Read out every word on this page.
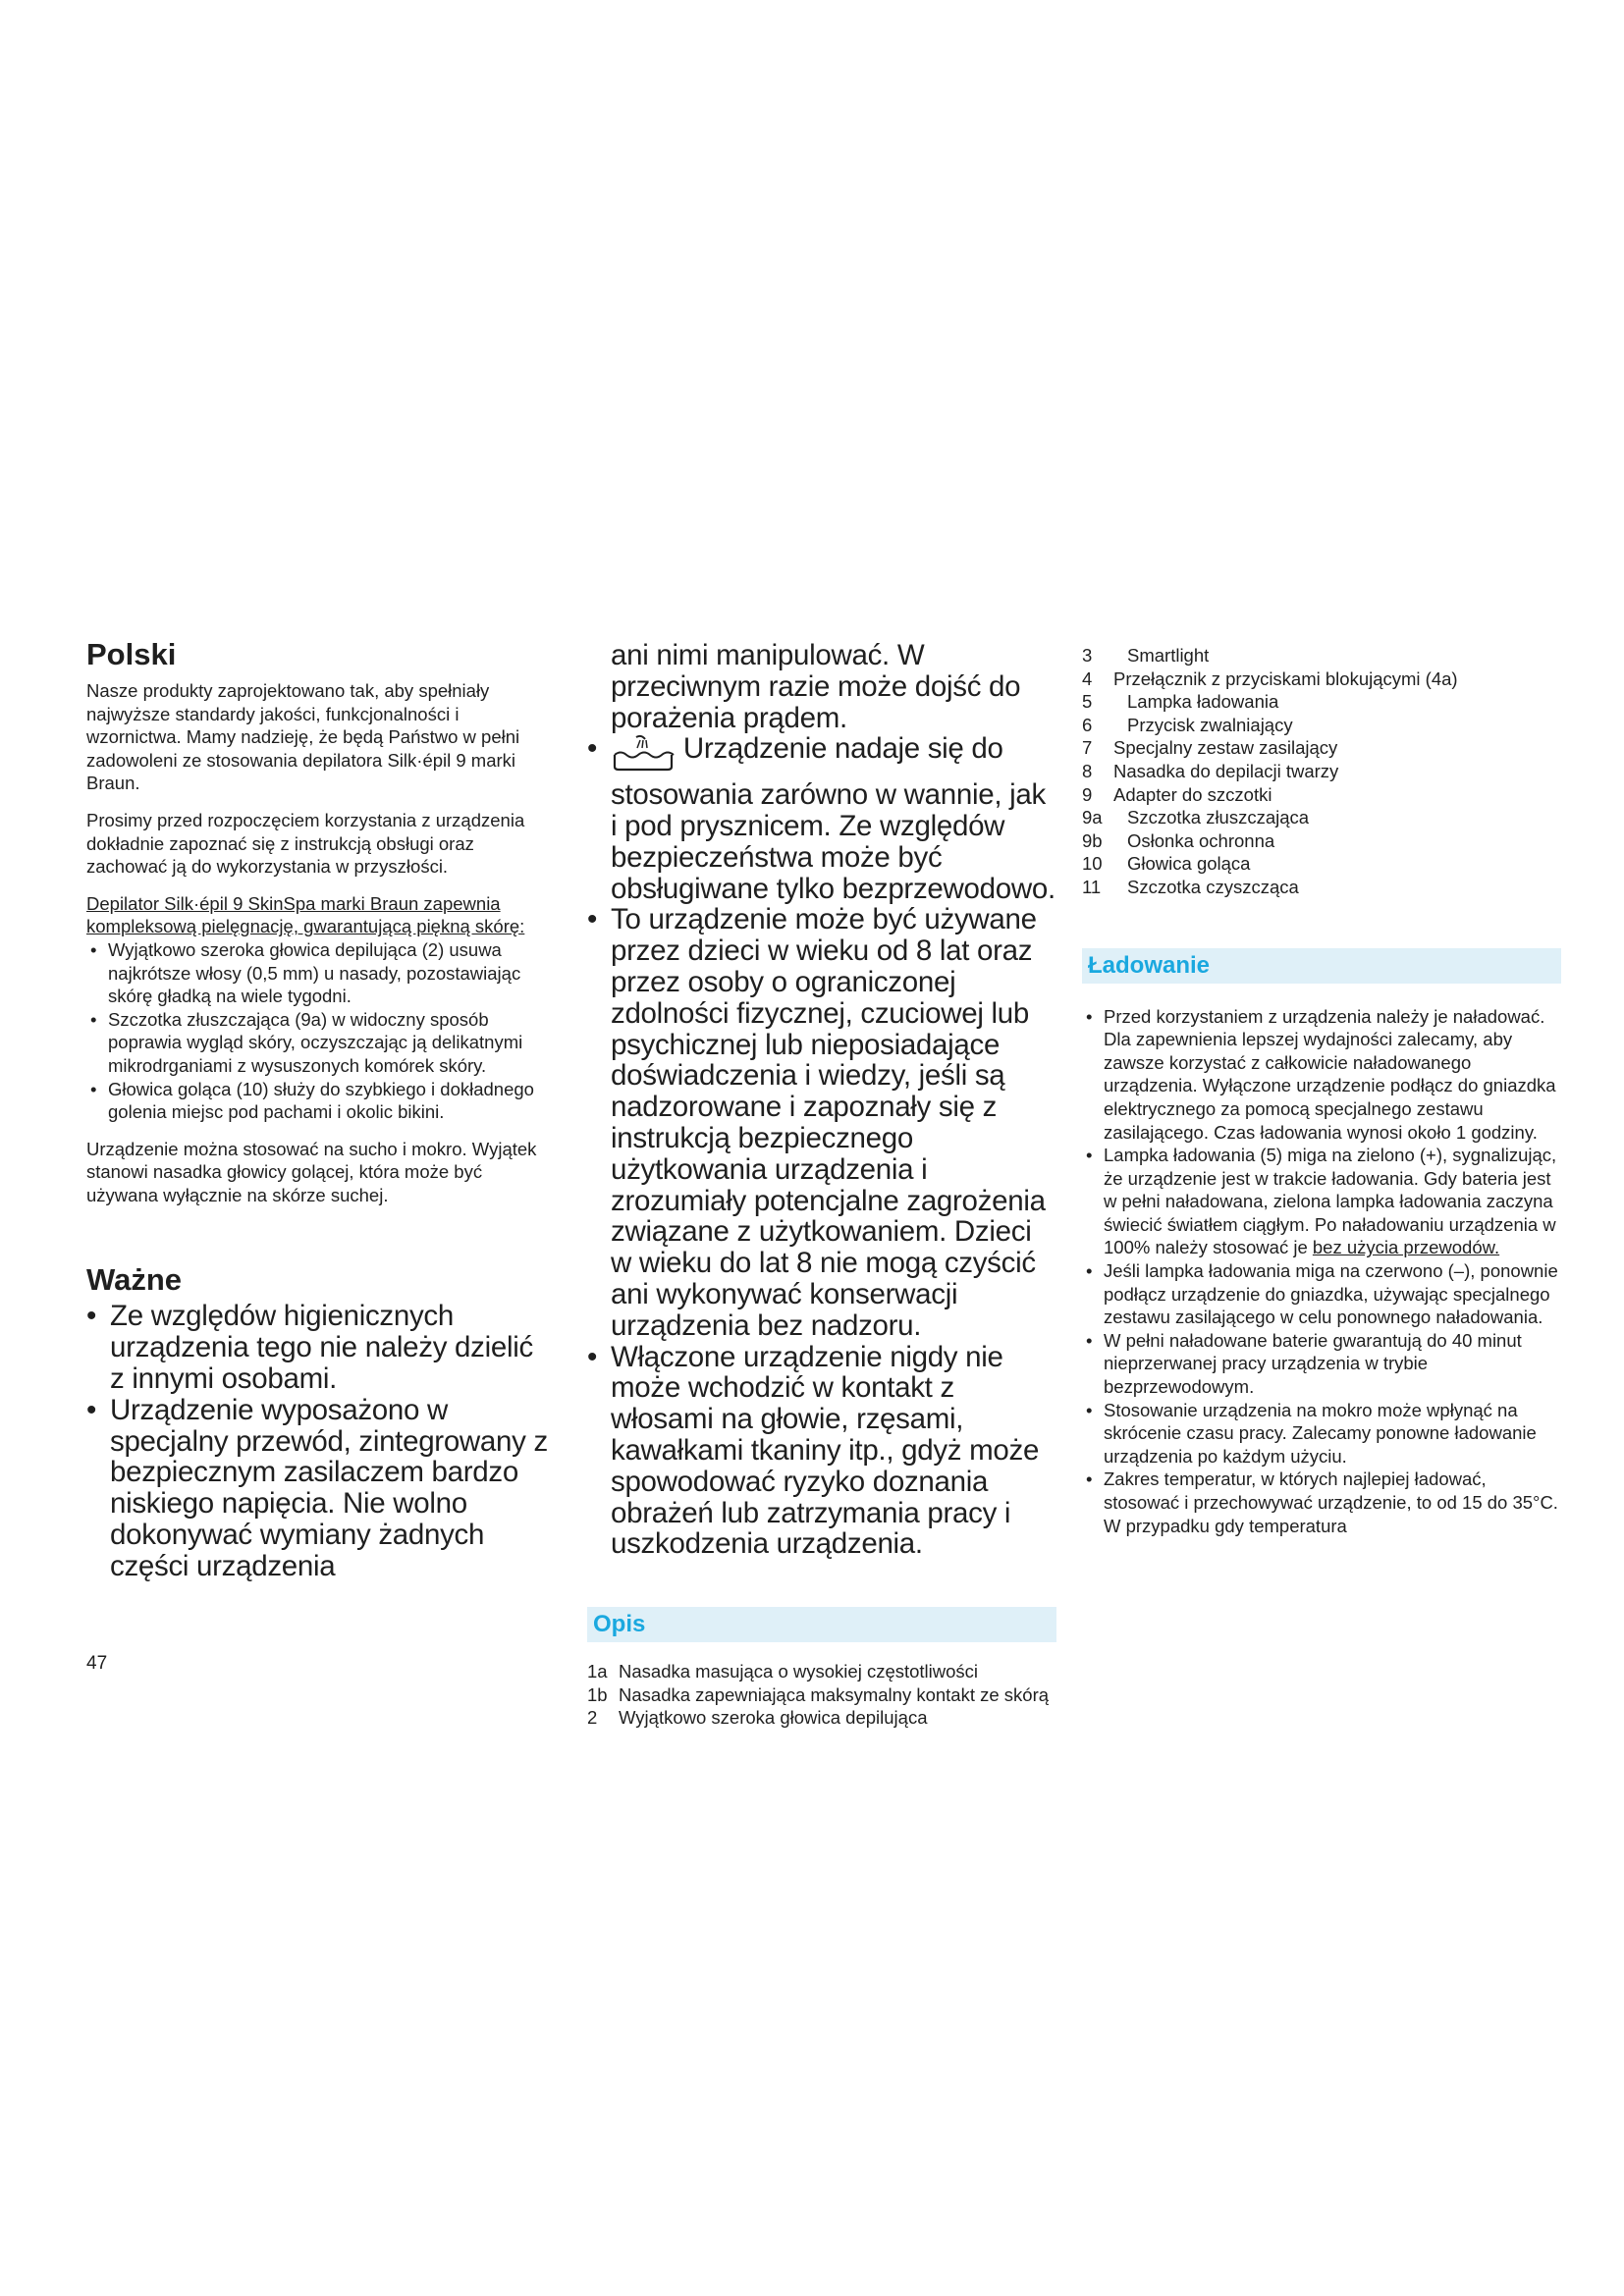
Polski

Nasze produkty zaprojektowano tak, aby spełniały najwyższe standardy jakości, funkcjonalności i wzornictwa. Mamy nadzieję, że będą Państwo w pełni zadowoleni ze stosowania depilatora Silk·épil 9 marki Braun.

Prosimy przed rozpoczęciem korzystania z urządzenia dokładnie zapoznać się z instrukcją obsługi oraz zachować ją do wykorzystania w przyszłości.

Depilator Silk·épil 9 SkinSpa marki Braun zapewnia kompleksową pielęgnację, gwarantującą piękną skórę:

• Wyjątkowo szeroka głowica depilująca (2) usuwa najkrótsze włosy (0,5 mm) u nasady, pozostawiając skórę gładką na wiele tygodni.
• Szczotka złuszczająca (9a) w widoczny sposób poprawia wygląd skóry, oczyszczając ją delikatnymi mikrodrganiami z wysuszonych komórek skóry.
• Głowica goląca (10) służy do szybkiego i dokładnego golenia miejsc pod pachami i okolic bikini.

Urządzenie można stosować na sucho i mokro. Wyjątek stanowi nasadka głowicy golącej, która może być używana wyłącznie na skórze suchej.

Ważne
• Ze względów higienicznych urządzenia tego nie należy dzielić z innymi osobami.
• Urządzenie wyposażono w specjalny przewód, zintegrowany z bezpiecznym zasilaczem bardzo niskiego napięcia. Nie wolno dokonywać wymiany żadnych części urządzenia

ani nimi manipulować. W przeciwnym razie może dojść do porażenia prądem.

• Urządzenie nadaje się do stosowania zarówno w wannie, jak i pod prysznicem. Ze względów bezpieczeństwa może być obsługiwane tylko bezprzewodowo.
• To urządzenie może być używane przez dzieci w wieku od 8 lat oraz przez osoby o ograniczonej zdolności fizycznej, czuciowej lub psychicznej lub nieposiadające doświadczenia i wiedzy, jeśli są nadzorowane i zapoznały się z instrukcją bezpiecznego użytkowania urządzenia i zrozumiały potencjalne zagrożenia związane z użytkowaniem. Dzieci w wieku do lat 8 nie mogą czyścić ani wykonywać konserwacji urządzenia bez nadzoru.
• Włączone urządzenie nigdy nie może wchodzić w kontakt z włosami na głowie, rzęsami, kawałkami tkaniny itp., gdyż może spowodować ryzyko doznania obrażeń lub zatrzymania pracy i uszkodzenia urządzenia.
Opis
1a Nasadka masująca o wysokiej częstotliwości
1b Nasadka zapewniająca maksymalny kontakt ze skórą
2	Wyjątkowo szeroka głowica depilująca
3	Smartlight
4	Przełącznik z przyciskami blokującymi (4a)
5	Lampka ładowania
6	Przycisk zwalniający
7	Specjalny zestaw zasilający
8	Nasadka do depilacji twarzy
9	Adapter do szczotki
9a	Szczotka złuszczająca
9b	Osłonka ochronna
10	Głowica goląca
11	Szczotka czyszcząca
Ładowanie
• Przed korzystaniem z urządzenia należy je naładować. Dla zapewnienia lepszej wydajności zalecamy, aby zawsze korzystać z całkowicie naładowanego urządzenia. Wyłączone urządzenie podłącz do gniazdka elektrycznego za pomocą specjalnego zestawu zasilającego. Czas ładowania wynosi około 1 godziny.
• Lampka ładowania (5) miga na zielono (+), sygnalizując, że urządzenie jest w trakcie ładowania. Gdy bateria jest w pełni naładowana, zielona lampka ładowania zaczyna świecić światłem ciągłym. Po naładowaniu urządzenia w 100% należy stosować je bez użycia przewodów.
• Jeśli lampka ładowania miga na czerwono (–), ponownie podłącz urządzenie do gniazdka, używając specjalnego zestawu zasilającego w celu ponownego naładowania.
• W pełni naładowane baterie gwarantują do 40 minut nieprzerwanej pracy urządzenia w trybie bezprzewodowym.
• Stosowanie urządzenia na mokro może wpłynąć na skrócenie czasu pracy. Zalecamy ponowne ładowanie urządzenia po każdym użyciu.
• Zakres temperatur, w których najlepiej ładować, stosować i przechowywać urządzenie, to od 15 do 35°C. W przypadku gdy temperatura
47
